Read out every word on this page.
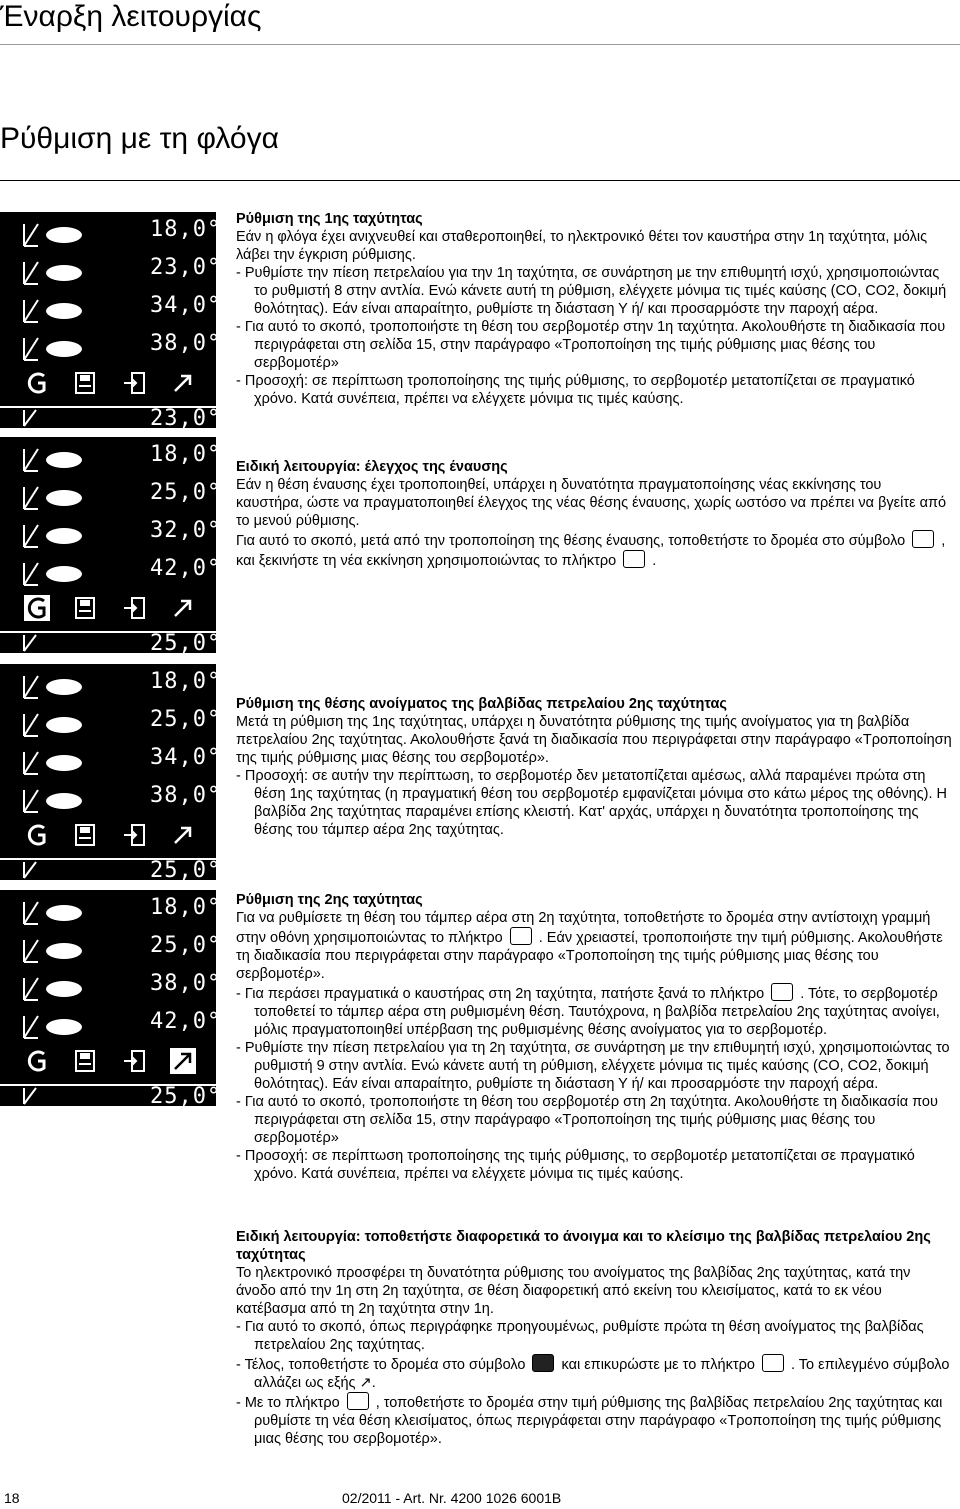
Έναρξη λειτουργίας
Ρύθμιση με τη φλόγα
18,0°
23,0°
34,0°
38,0°
23,0°
18,0°
25,0°
32,0°
42,0°
25,0°
18,0°
25,0°
34,0°
38,0°
25,0°
18,0°
25,0°
38,0°
42,0°
25,0°

Ρύθμιση της 1ης ταχύτητας

Εάν η φλόγα έχει ανιχνευθεί και σταθεροποιηθεί, το ηλεκτρονικό θέτει τον καυστήρα στην 1η ταχύτητα, μόλις λάβει την έγκριση ρύθμισης.

- Ρυθμίστε την πίεση πετρελαίου για την 1η ταχύτητα, σε συνάρτηση με την επιθυμητή ισχύ, χρησιμοποιώντας το ρυθμιστή 8 στην αντλία. Ενώ κάνετε αυτή τη ρύθμιση, ελέγχετε μόνιμα τις τιμές καύσης (CO, CO2, δοκιμή θολότητας). Εάν είναι απαραίτητο, ρυθμίστε τη διάσταση Υ ή/ και προσαρμόστε την παροχή αέρα.

- Για αυτό το σκοπό, τροποποιήστε τη θέση του σερβομοτέρ στην 1η ταχύτητα. Ακολουθήστε τη διαδικασία που περιγράφεται στη σελίδα 15, στην παράγραφο «Τροποποίηση της τιμής ρύθμισης μιας θέσης του σερβομοτέρ»

- Προσοχή: σε περίπτωση τροποποίησης της τιμής ρύθμισης, το σερβομοτέρ μετατοπίζεται σε πραγματικό χρόνο. Κατά συνέπεια, πρέπει να ελέγχετε μόνιμα τις τιμές καύσης.

Ειδική λειτουργία: έλεγχος της έναυσης

Εάν η θέση έναυσης έχει τροποποιηθεί, υπάρχει η δυνατότητα πραγματοποίησης νέας εκκίνησης του καυστήρα, ώστε να πραγματοποιηθεί έλεγχος της νέας θέσης έναυσης, χωρίς ωστόσο να πρέπει να βγείτε από το μενού ρύθμισης.

Για αυτό το σκοπό, μετά από την τροποποίηση της θέσης έναυσης, τοποθετήστε το δρομέα στο σύμβολο , και ξεκινήστε τη νέα εκκίνηση χρησιμοποιώντας το πλήκτρο .

Ρύθμιση της θέσης ανοίγματος της βαλβίδας πετρελαίου 2ης ταχύτητας

Μετά τη ρύθμιση της 1ης ταχύτητας, υπάρχει η δυνατότητα ρύθμισης της τιμής ανοίγματος για τη βαλβίδα πετρελαίου 2ης ταχύτητας. Ακολουθήστε ξανά τη διαδικασία που περιγράφεται στην παράγραφο «Τροποποίηση της τιμής ρύθμισης μιας θέσης του σερβομοτέρ».

- Προσοχή: σε αυτήν την περίπτωση, το σερβομοτέρ δεν μετατοπίζεται αμέσως, αλλά παραμένει πρώτα στη θέση 1ης ταχύτητας (η πραγματική θέση του σερβομοτέρ εμφανίζεται μόνιμα στο κάτω μέρος της οθόνης). Η βαλβίδα 2ης ταχύτητας παραμένει επίσης κλειστή. Κατ' αρχάς, υπάρχει η δυνατότητα τροποποίησης της θέσης του τάμπερ αέρα 2ης ταχύτητας.

Ρύθμιση της 2ης ταχύτητας

Για να ρυθμίσετε τη θέση του τάμπερ αέρα στη 2η ταχύτητα, τοποθετήστε το δρομέα στην αντίστοιχη γραμμή στην οθόνη χρησιμοποιώντας το πλήκτρο . Εάν χρειαστεί, τροποποιήστε την τιμή ρύθμισης. Ακολουθήστε τη διαδικασία που περιγράφεται στην παράγραφο «Τροποποίηση της τιμής ρύθμισης μιας θέσης του σερβομοτέρ».

- Για περάσει πραγματικά ο καυστήρας στη 2η ταχύτητα, πατήστε ξανά το πλήκτρο . Τότε, το σερβομοτέρ τοποθετεί το τάμπερ αέρα στη ρυθμισμένη θέση. Ταυτόχρονα, η βαλβίδα πετρελαίου 2ης ταχύτητας ανοίγει, μόλις πραγματοποιηθεί υπέρβαση της ρυθμισμένης θέσης ανοίγματος για το σερβομοτέρ.

- Ρυθμίστε την πίεση πετρελαίου για τη 2η ταχύτητα, σε συνάρτηση με την επιθυμητή ισχύ, χρησιμοποιώντας το ρυθμιστή 9 στην αντλία. Ενώ κάνετε αυτή τη ρύθμιση, ελέγχετε μόνιμα τις τιμές καύσης (CO, CO2, δοκιμή θολότητας). Εάν είναι απαραίτητο, ρυθμίστε τη διάσταση Υ ή/ και προσαρμόστε την παροχή αέρα.

- Για αυτό το σκοπό, τροποποιήστε τη θέση του σερβομοτέρ στη 2η ταχύτητα. Ακολουθήστε τη διαδικασία που περιγράφεται στη σελίδα 15, στην παράγραφο «Τροποποίηση της τιμής ρύθμισης μιας θέσης του σερβομοτέρ»

- Προσοχή: σε περίπτωση τροποποίησης της τιμής ρύθμισης, το σερβομοτέρ μετατοπίζεται σε πραγματικό χρόνο. Κατά συνέπεια, πρέπει να ελέγχετε μόνιμα τις τιμές καύσης.

Ειδική λειτουργία: τοποθετήστε διαφορετικά το άνοιγμα και το κλείσιμο της βαλβίδας πετρελαίου 2ης ταχύτητας

Το ηλεκτρονικό προσφέρει τη δυνατότητα ρύθμισης του ανοίγματος της βαλβίδας 2ης ταχύτητας, κατά την άνοδο από την 1η στη 2η ταχύτητα, σε θέση διαφορετική από εκείνη του κλεισίματος, κατά το εκ νέου κατέβασμα από τη 2η ταχύτητα στην 1η.

- Για αυτό το σκοπό, όπως περιγράφηκε προηγουμένως, ρυθμίστε πρώτα τη θέση ανοίγματος της βαλβίδας πετρελαίου 2ης ταχύτητας.

- Τέλος, τοποθετήστε το δρομέα στο σύμβολο και επικυρώστε με το πλήκτρο . Το επιλεγμένο σύμβολο αλλάζει ως εξής ↗.

- Με το πλήκτρο , τοποθετήστε το δρομέα στην τιμή ρύθμισης της βαλβίδας πετρελαίου 2ης ταχύτητας και ρυθμίστε τη νέα θέση κλεισίματος, όπως περιγράφεται στην παράγραφο «Τροποποίηση της τιμής ρύθμισης μιας θέσης του σερβομοτέρ».

18	02/2011 - Art. Nr. 4200 1026 6001B
